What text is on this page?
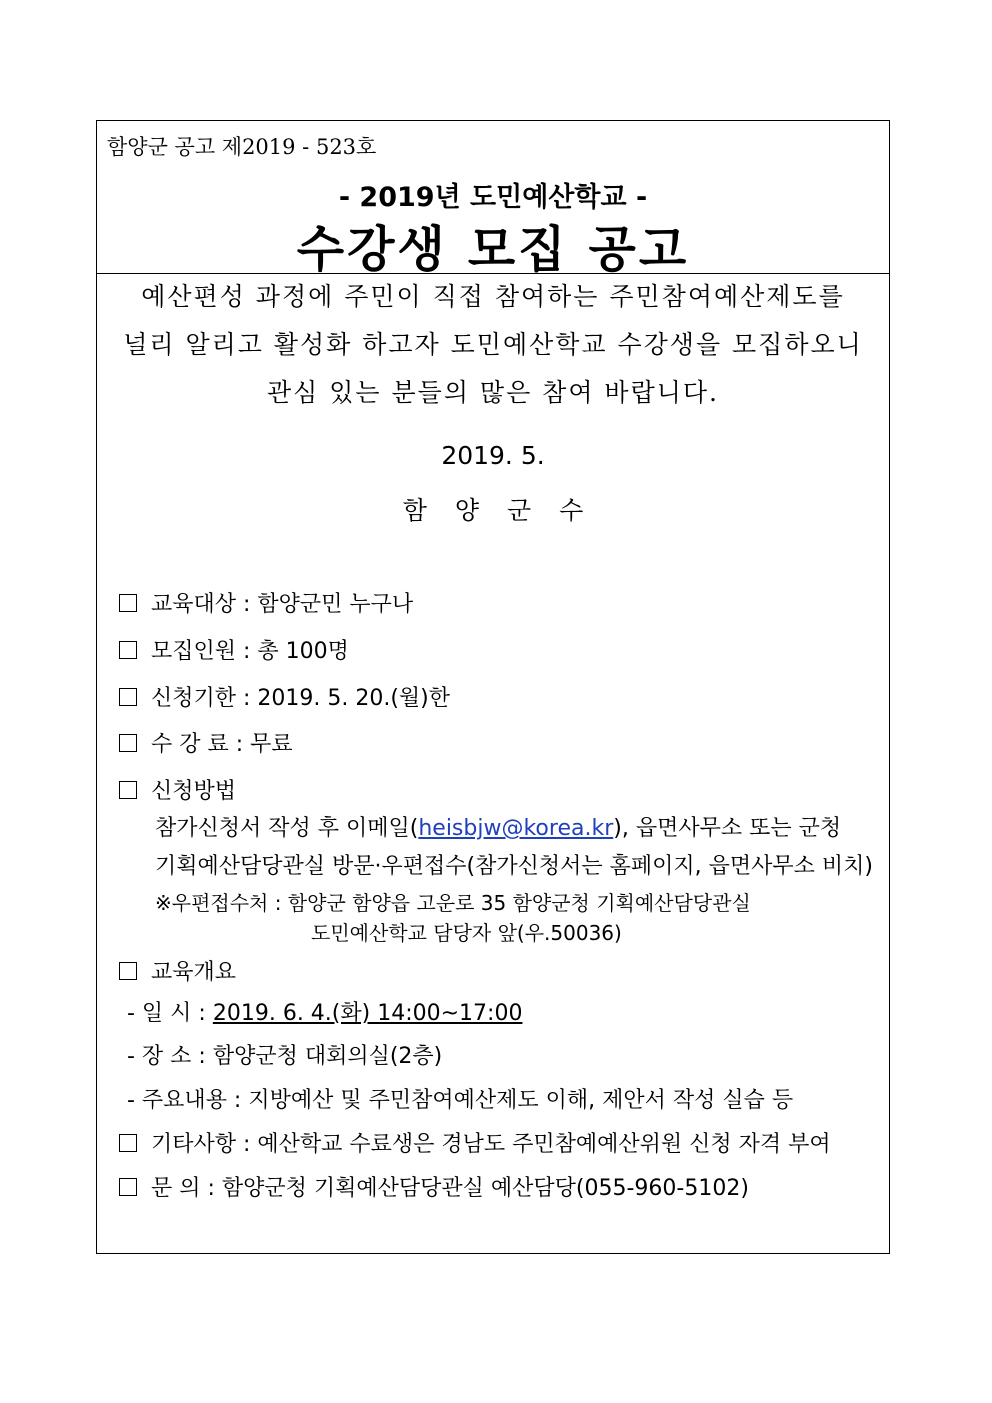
함양군 공고 제2019 - 523호
- 2019년 도민예산학교 -
수강생 모집 공고
예산편성 과정에 주민이 직접 참여하는 주민참여예산제도를
널리 알리고 활성화 하고자 도민예산학교 수강생을 모집하오니
관심 있는 분들의 많은 참여 바랍니다.
2019. 5.
함 양 군 수
교육대상 : 함양군민 누구나
모집인원 : 총 100명
신청기한 : 2019. 5. 20.(월)한
수 강 료 : 무료
신청방법
참가신청서 작성 후 이메일(heisbjw@korea.kr), 읍면사무소 또는 군청
기획예산담당관실 방문·우편접수(참가신청서는 홈페이지, 읍면사무소 비치)
※우편접수처 : 함양군 함양읍 고운로 35 함양군청 기획예산담당관실
도민예산학교 담당자 앞(우.50036)
교육개요
- 일 시 : 2019. 6. 4.(화) 14:00~17:00
- 장 소 : 함양군청 대회의실(2층)
- 주요내용 : 지방예산 및 주민참여예산제도 이해, 제안서 작성 실습 등
기타사항 : 예산학교 수료생은 경남도 주민참예예산위원 신청 자격 부여
문 의 : 함양군청 기획예산담당관실 예산담당(055-960-5102)
